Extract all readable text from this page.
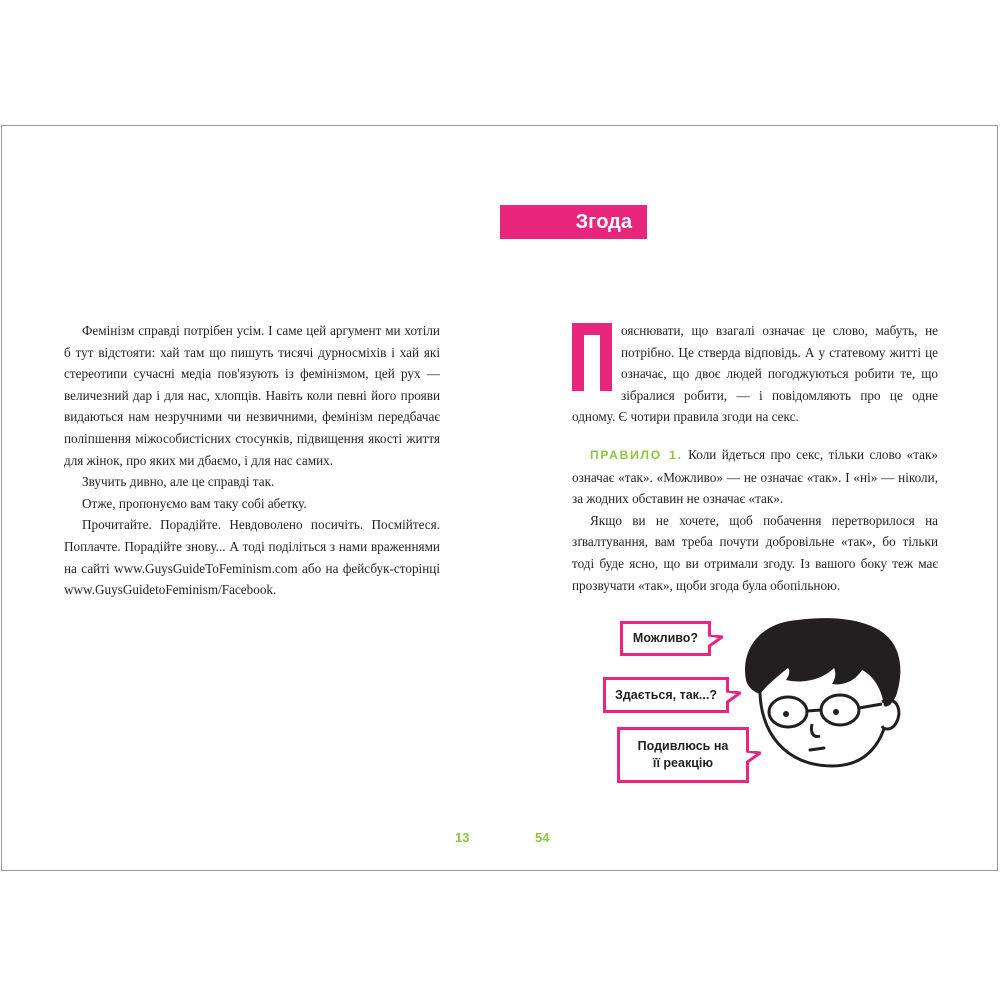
Фемінізм справді потрібен усім. І саме цей аргумент ми хотіли б тут відстояти: хай там що пишуть тисячі дурносміхів і хай які стереотипи сучасні медіа пов'язують із фемінізмом, цей рух — величезний дар і для нас, хлопців. Навіть коли певні його прояви видаються нам незручними чи незвичними, фемінізм передбачає поліпшення міжособистісних стосунків, підвищення якості життя для жінок, про яких ми дбаємо, і для нас самих.

Звучить дивно, але це справді так.

Отже, пропонуємо вам таку собі абетку.

Прочитайте. Порадійте. Невдоволено посичіть. Посмійтеся. Поплачте. Порадійте знову... А тоді поділіться з нами враженнями на сайті www.GuysGuideToFeminism.com або на фейсбук-сторінці www.GuysGuidetoFeminism/Facebook.

13
Згода

ояснювати, що взагалі означає це слово, мабуть, не потрібно. Це стверда відповідь. А у статевому житті це означає, що двоє людей погоджуються робити те, що зібралися робити, — і повідомляють про це одне одному. Є чотири правила згоди на секс.

ПРАВИЛО 1. Коли йдеться про секс, тільки слово «так» означає «так». «Можливо» — не означає «так». І «ні» — ніколи, за жодних обставин не означає «так».

Якщо ви не хочете, щоб побачення перетворилося на зґвалтування, вам треба почути добровільне «так», бо тільки тоді буде ясно, що ви отримали згоду. Із вашого боку теж має прозвучати «так», щоби згода була обопільною.

Можливо?
Здається, так...?
Подивлюсь на її реакцію
54
